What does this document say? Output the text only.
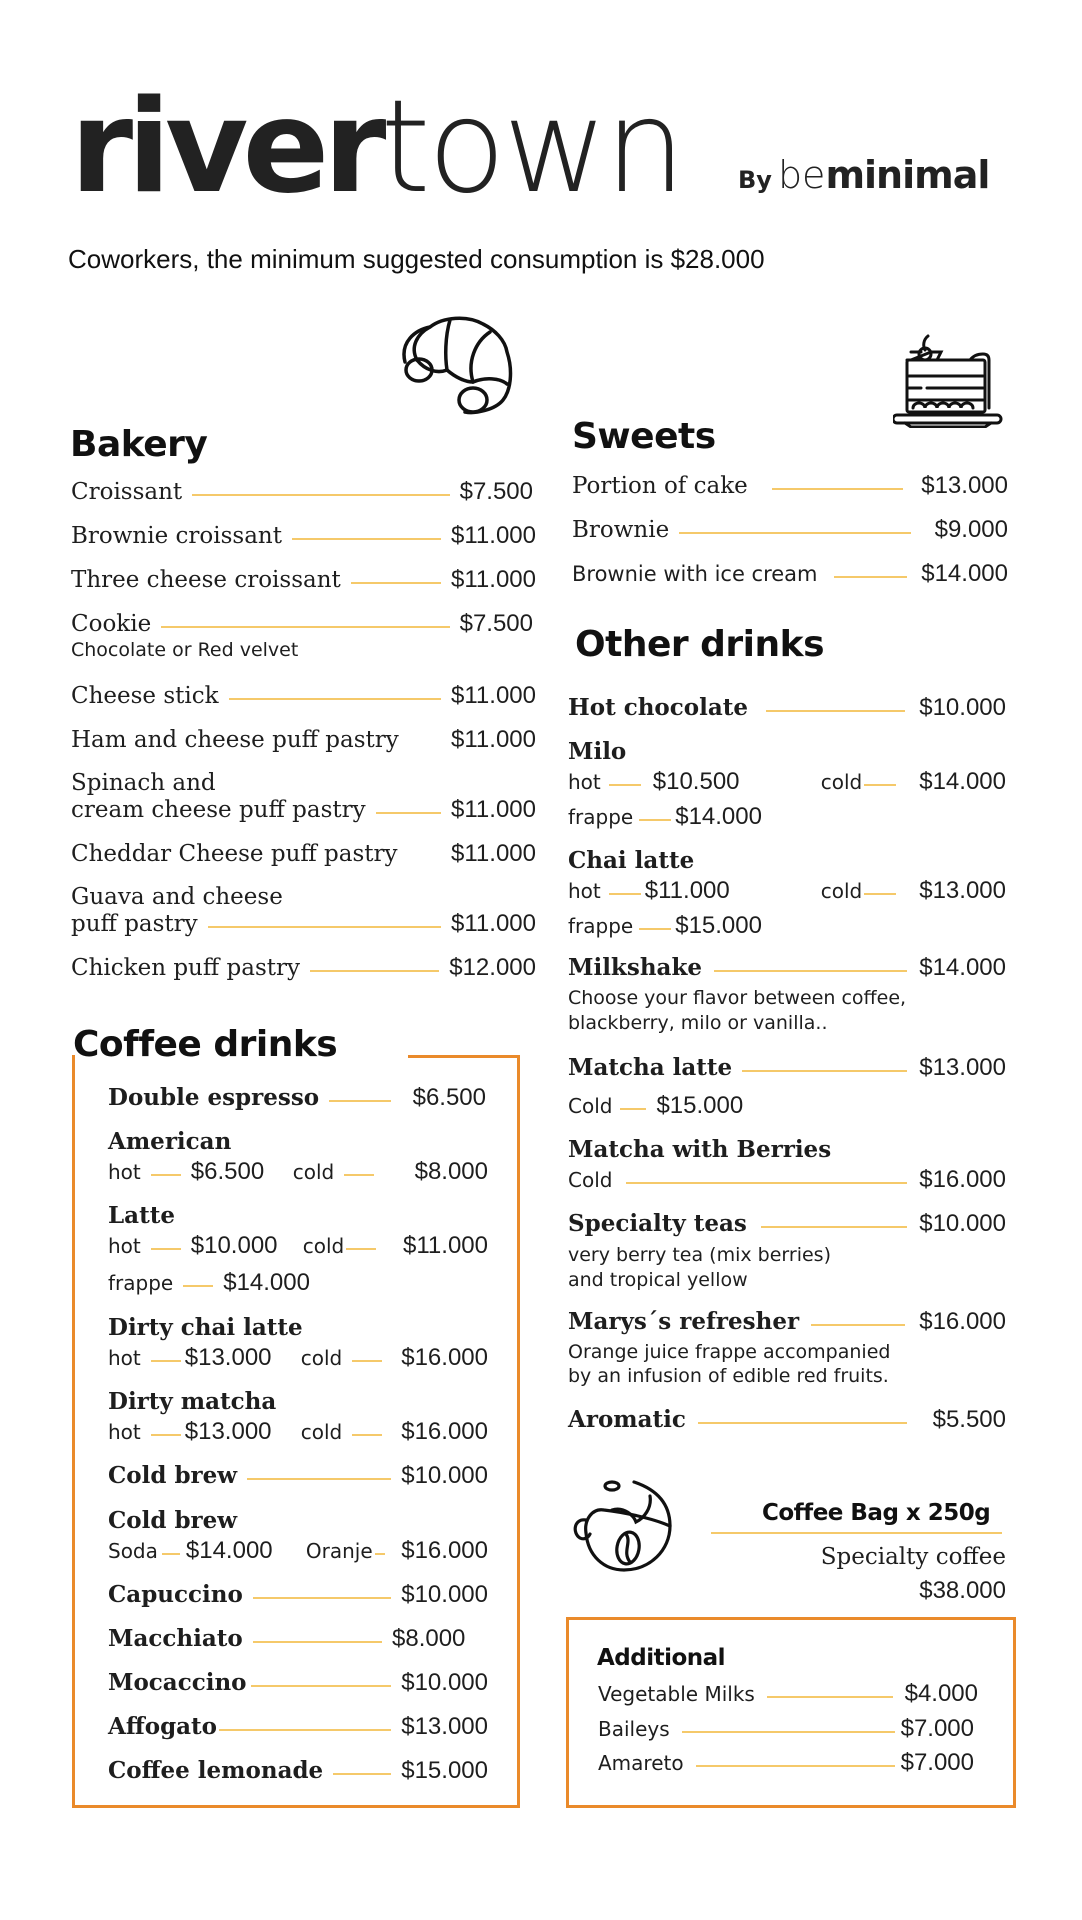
rivertown By beminimal
Coworkers, the minimum suggested consumption is $28.000
Bakery
Croissant	$7.500
Brownie croissant	$11.000
Three cheese croissant	$11.000
Cookie	$7.500
Chocolate or Red velvet
Cheese stick	$11.000
Ham and cheese puff pastry $11.000
Spinach and
cream cheese puff pastry	$11.000
Cheddar Cheese puff pastry $11.000
Guava and cheese
puff pastry	$11.000
Chicken puff pastry	$12.000
Coffee drinks
Double espresso	$6.500
American
hot $6.500	cold	$8.000
Latte
hot $10.000	cold $11.000
frappe $14.000
Dirty chai latte
hot $13.000	cold $16.000
Dirty matcha
hot $13.000	cold $16.000
Cold brew	$10.000
Cold brew
Soda $14.000	Oranje $16.000
Capuccino	$10.000
Macchiato	$8.000
Mocaccino	$10.000
Affogato	$13.000
Coffee lemonade	$15.000
Sweets
Portion of cake	$13.000
Brownie	$9.000
Brownie with ice cream	$14.000
Other drinks
Hot chocolate	$10.000
Milo
hot $10.500	cold $14.000
frappe $14.000
Chai latte
hot $11.000	cold $13.000
frappe $15.000
Milkshake	$14.000
Choose your flavor between coffee,
blackberry, milo or vanilla..
Matcha latte	$13.000
Cold $15.000
Matcha with Berries
Cold	$16.000
Specialty teas	$10.000
very berry tea (mix berries)
and tropical yellow
Marys´s refresher	$16.000
Orange juice frappe accompanied
by an infusion of edible red fruits.
Aromatic	$5.500
Coffee Bag x 250g
Specialty coffee
$38.000
Additional
Vegetable Milks	$4.000
Baileys	$7.000
Amareto	$7.000
